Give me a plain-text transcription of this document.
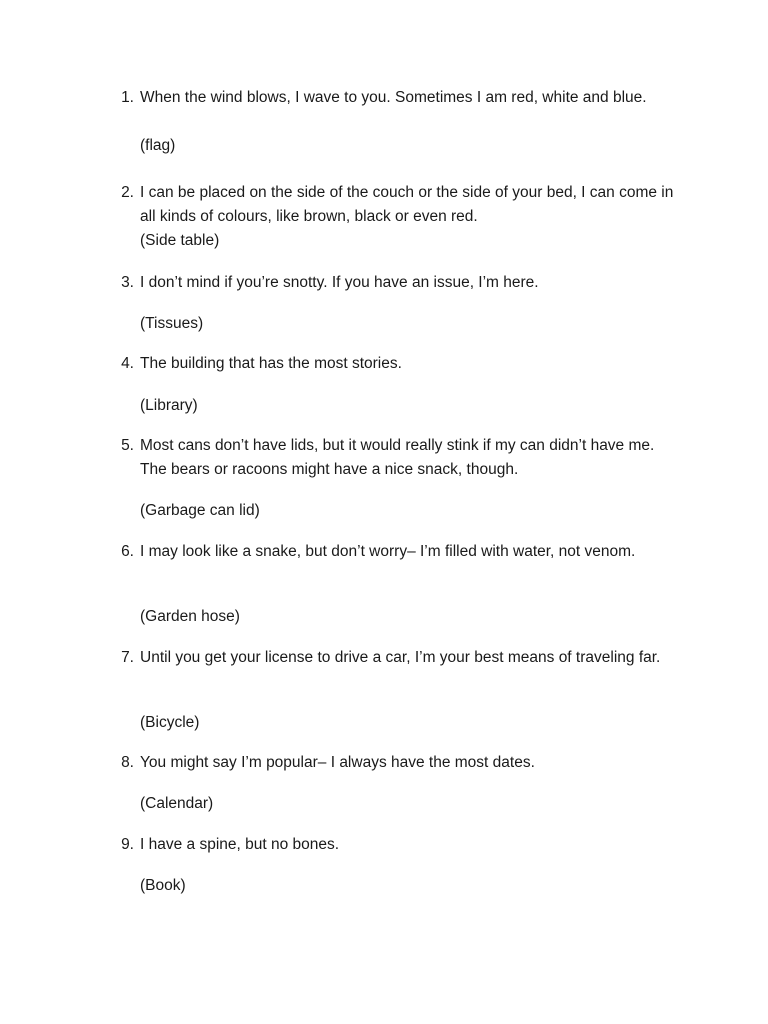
1. When the wind blows, I wave to you. Sometimes I am red, white and blue.
(flag)
2. I can be placed on the side of the couch or the side of your bed, I can come in all kinds of colours, like brown, black or even red.
(Side table)
3. I don’t mind if you’re snotty. If you have an issue, I’m here.
(Tissues)
4. The building that has the most stories.
(Library)
5. Most cans don’t have lids, but it would really stink if my can didn’t have me. The bears or racoons might have a nice snack, though.
(Garbage can lid)
6. I may look like a snake, but don’t worry– I’m filled with water, not venom.
(Garden hose)
7. Until you get your license to drive a car, I’m your best means of traveling far.
(Bicycle)
8. You might say I’m popular– I always have the most dates.
(Calendar)
9. I have a spine, but no bones.
(Book)
